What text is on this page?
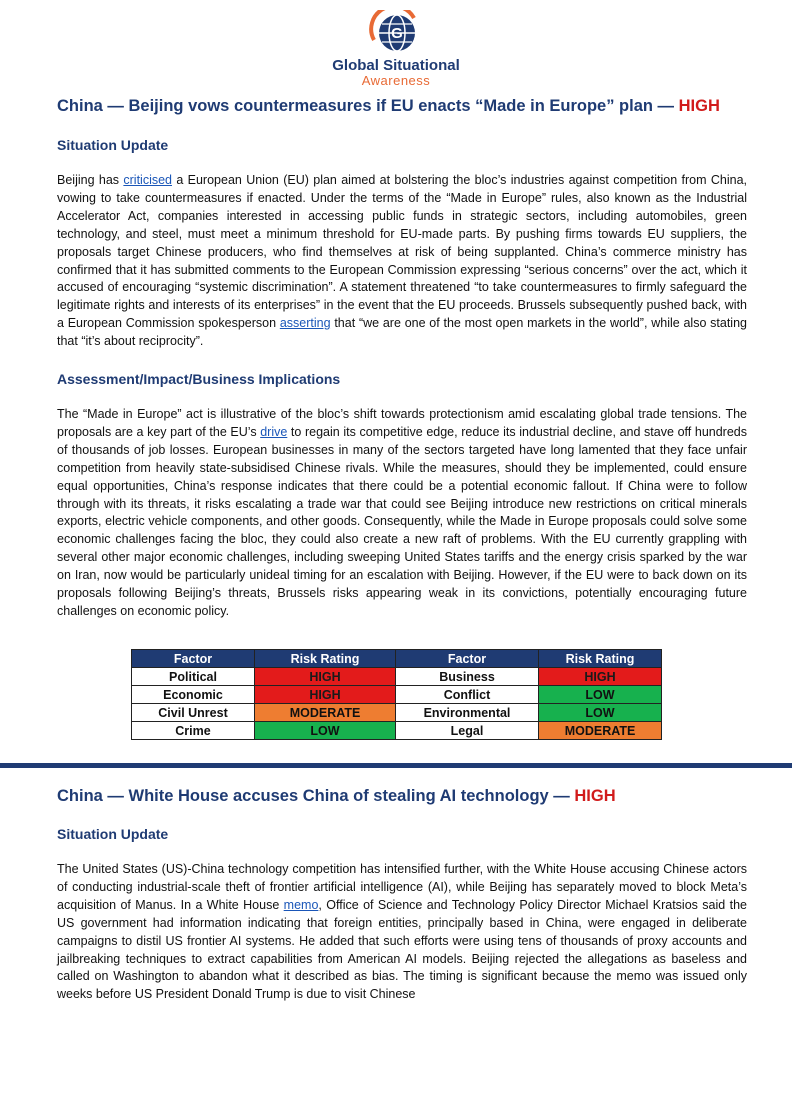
G
Global Situational
Awareness
China — Beijing vows countermeasures if EU enacts “Made in Europe” plan — HIGH
Situation Update

Beijing has criticised a European Union (EU) plan aimed at bolstering the bloc’s industries against competition from China, vowing to take countermeasures if enacted. Under the terms of the “Made in Europe” rules, also known as the Industrial Accelerator Act, companies interested in accessing public funds in strategic sectors, including automobiles, green technology, and steel, must meet a minimum threshold for EU-made parts. By pushing firms towards EU suppliers, the proposals target Chinese producers, who find themselves at risk of being supplanted. China’s commerce ministry has confirmed that it has submitted comments to the European Commission expressing “serious concerns” over the act, which it accused of encouraging “systemic discrimination”. A statement threatened “to take countermeasures to firmly safeguard the legitimate rights and interests of its enterprises” in the event that the EU proceeds. Brussels subsequently pushed back, with a European Commission spokesperson asserting that “we are one of the most open markets in the world”, while also stating that “it’s about reciprocity”.

Assessment/Impact/Business Implications

The “Made in Europe” act is illustrative of the bloc’s shift towards protectionism amid escalating global trade tensions. The proposals are a key part of the EU’s drive to regain its competitive edge, reduce its industrial decline, and stave off hundreds of thousands of job losses. European businesses in many of the sectors targeted have long lamented that they face unfair competition from heavily state-subsidised Chinese rivals. While the measures, should they be implemented, could ensure equal opportunities, China’s response indicates that there could be a potential economic fallout. If China were to follow through with its threats, it risks escalating a trade war that could see Beijing introduce new restrictions on critical minerals exports, electric vehicle components, and other goods. Consequently, while the Made in Europe proposals could solve some economic challenges facing the bloc, they could also create a new raft of problems. With the EU currently grappling with several other major economic challenges, including sweeping United States tariffs and the energy crisis sparked by the war on Iran, now would be particularly unideal timing for an escalation with Beijing. However, if the EU were to back down on its proposals following Beijing’s threats, Brussels risks appearing weak in its convictions, potentially encouraging future challenges on economic policy.

Factor	Risk Rating	Factor	Risk Rating
Political	HIGH	Business	HIGH
Economic	HIGH	Conflict	LOW
Civil Unrest	MODERATE	Environmental	LOW
Crime	LOW	Legal	MODERATE
China — White House accuses China of stealing AI technology — HIGH
Situation Update

The United States (US)-China technology competition has intensified further, with the White House accusing Chinese actors of conducting industrial-scale theft of frontier artificial intelligence (AI), while Beijing has separately moved to block Meta’s acquisition of Manus. In a White House memo, Office of Science and Technology Policy Director Michael Kratsios said the US government had information indicating that foreign entities, principally based in China, were engaged in deliberate campaigns to distil US frontier AI systems. He added that such efforts were using tens of thousands of proxy accounts and jailbreaking techniques to extract capabilities from American AI models. Beijing rejected the allegations as baseless and called on Washington to abandon what it described as bias. The timing is significant because the memo was issued only weeks before US President Donald Trump is due to visit Chinese
